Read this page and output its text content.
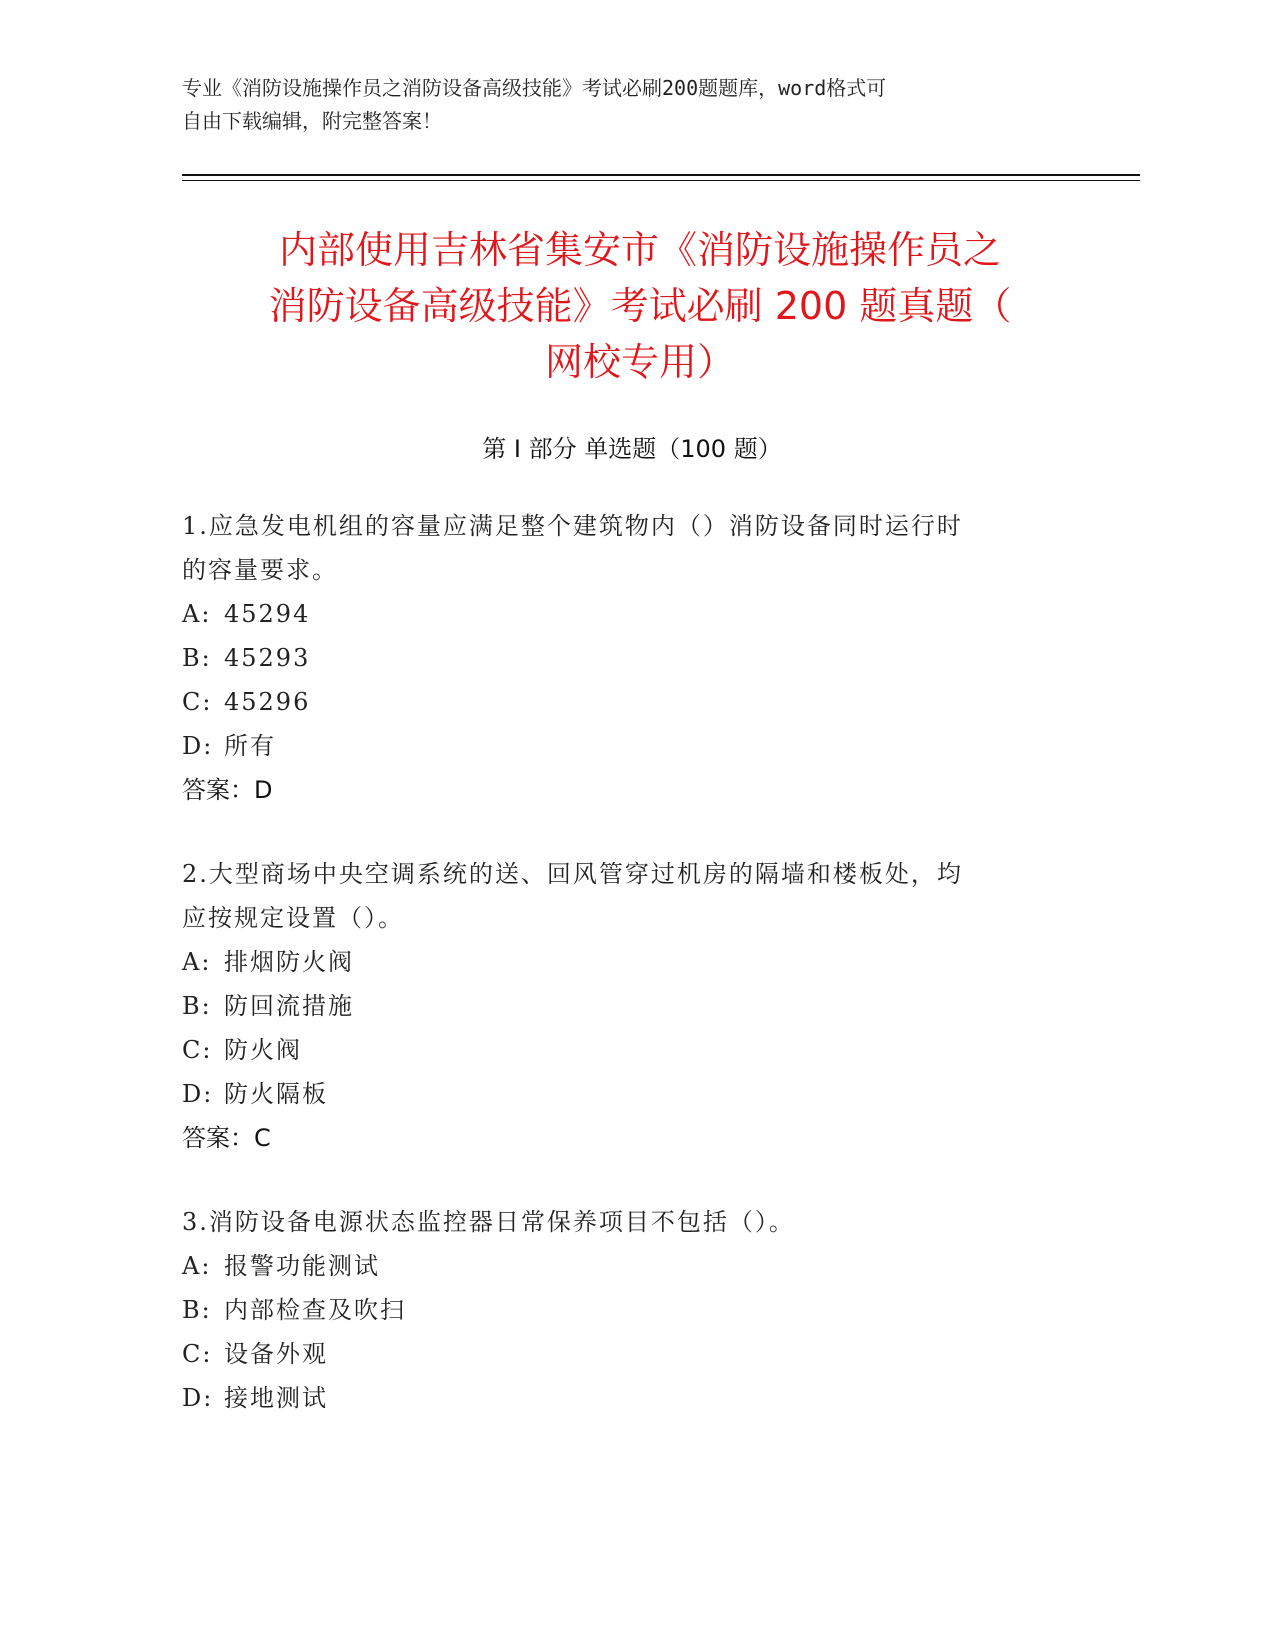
专业《消防设施操作员之消防设备高级技能》考试必刷200题题库，word格式可
自由下载编辑，附完整答案！
内部使用吉林省集安市《消防设施操作员之
消防设备高级技能》考试必刷 200 题真题（
网校专用）
第 I 部分 单选题（100 题）

1.应急发电机组的容量应满足整个建筑物内（）消防设备同时运行时
的容量要求。

A: 45294
B: 45293
C: 45296
D: 所有
答案：D

2.大型商场中央空调系统的送、回风管穿过机房的隔墙和楼板处，均
应按规定设置（）。

A: 排烟防火阀
B: 防回流措施
C: 防火阀
D: 防火隔板
答案：C

3.消防设备电源状态监控器日常保养项目不包括（）。

A: 报警功能测试
B: 内部检查及吹扫
C: 设备外观
D: 接地测试
